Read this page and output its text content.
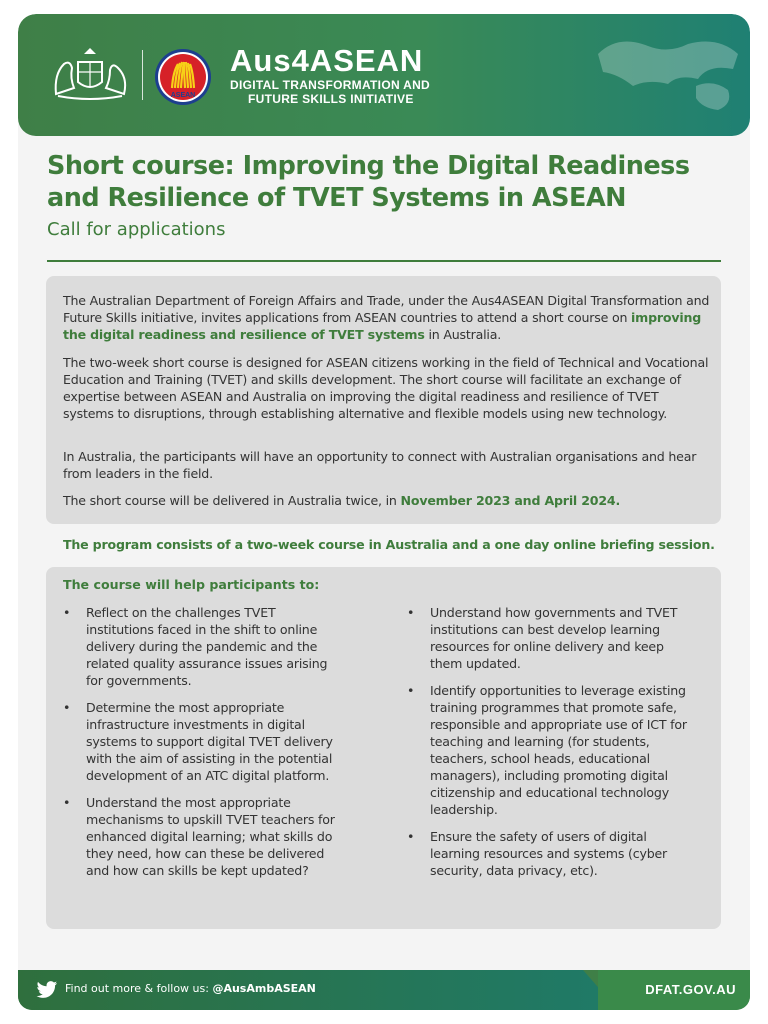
ASEAN
Aus4ASEAN
DIGITAL TRANSFORMATION AND
FUTURE SKILLS INITIATIVE
Short course: Improving the Digital Readiness
and Resilience of TVET Systems in ASEAN
Call for applications

The Australian Department of Foreign Affairs and Trade, under the Aus4ASEAN Digital Transformation and Future Skills initiative, invites applications from ASEAN countries to attend a short course on improving the digital readiness and resilience of TVET systems in Australia.

The two-week short course is designed for ASEAN citizens working in the field of Technical and Vocational Education and Training (TVET) and skills development. The short course will facilitate an exchange of expertise between ASEAN and Australia on improving the digital readiness and resilience of TVET systems to disruptions, through establishing alternative and flexible models using new technology.

In Australia, the participants will have an opportunity to connect with Australian organisations and hear from leaders in the field.

The short course will be delivered in Australia twice, in November 2023 and April 2024.

The program consists of a two-week course in Australia and a one day online briefing session.
The course will help participants to:
• Reflect on the challenges TVET institutions faced in the shift to online delivery during the pandemic and the related quality assurance issues arising for governments.
• Determine the most appropriate infrastructure investments in digital systems to support digital TVET delivery with the aim of assisting in the potential development of an ATC digital platform.
• Understand the most appropriate mechanisms to upskill TVET teachers for enhanced digital learning; what skills do they need, how can these be delivered and how can skills be kept updated?
• Understand how governments and TVET institutions can best develop learning resources for online delivery and keep them updated.
• Identify opportunities to leverage existing training programmes that promote safe, responsible and appropriate use of ICT for teaching and learning (for students, teachers, school heads, educational managers), including promoting digital citizenship and educational technology leadership.
• Ensure the safety of users of digital learning resources and systems (cyber security, data privacy, etc).
Find out more & follow us: @AusAmbASEAN	DFAT.GOV.AU
